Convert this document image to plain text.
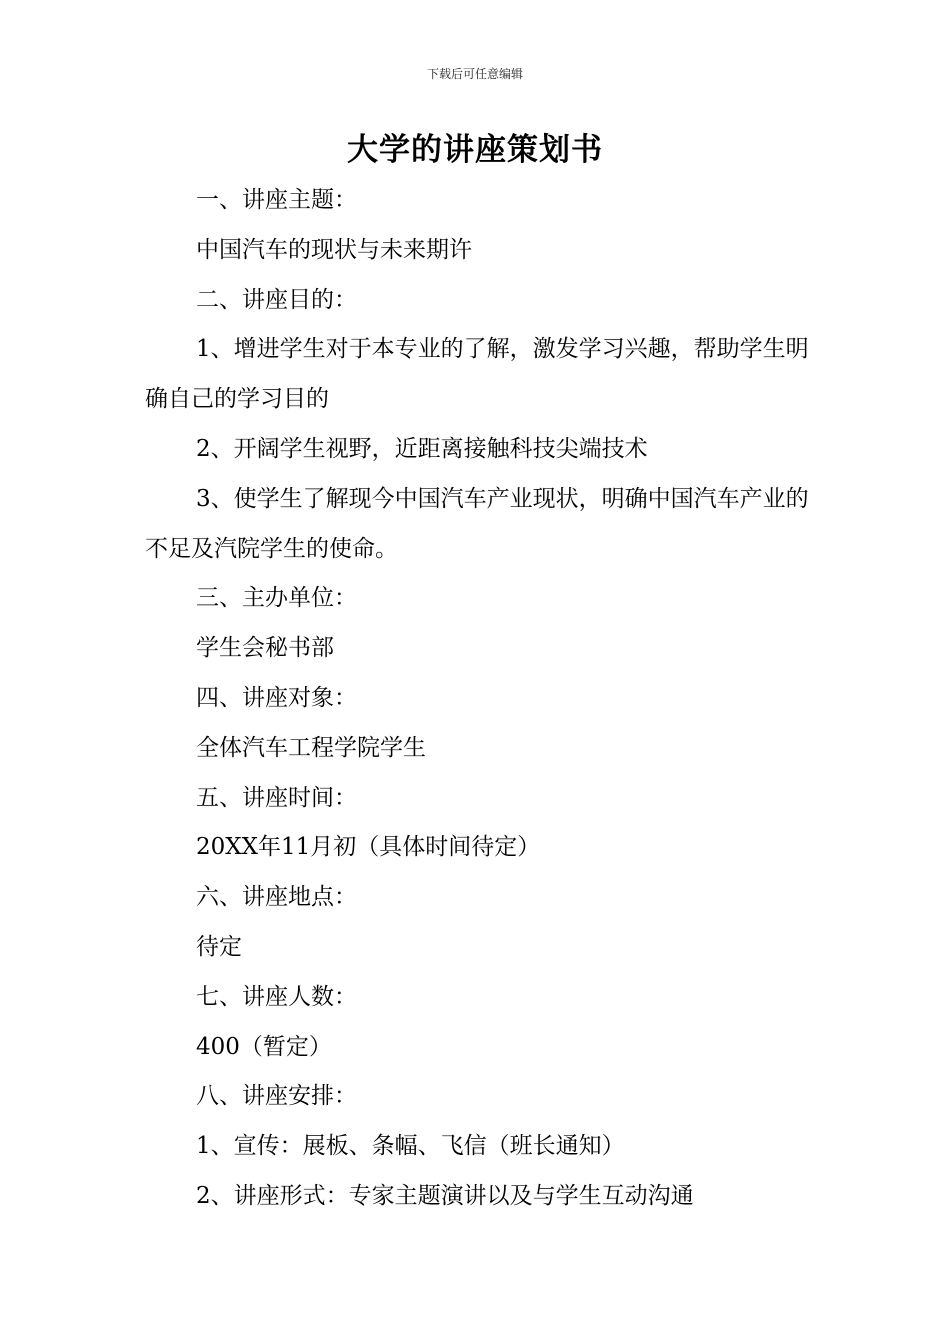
下载后可任意编辑
大学的讲座策划书

一、讲座主题：

中国汽车的现状与未来期许

二、讲座目的：

1、增进学生对于本专业的了解，激发学习兴趣，帮助学生明确自己的学习目的

2、开阔学生视野，近距离接触科技尖端技术

3、使学生了解现今中国汽车产业现状，明确中国汽车产业的不足及汽院学生的使命。

三、主办单位：

学生会秘书部

四、讲座对象：

全体汽车工程学院学生

五、讲座时间：

20XX年11月初（具体时间待定）

六、讲座地点：

待定

七、讲座人数：

400（暂定）

八、讲座安排：

1、宣传：展板、条幅、飞信（班长通知）

2、讲座形式：专家主题演讲以及与学生互动沟通
